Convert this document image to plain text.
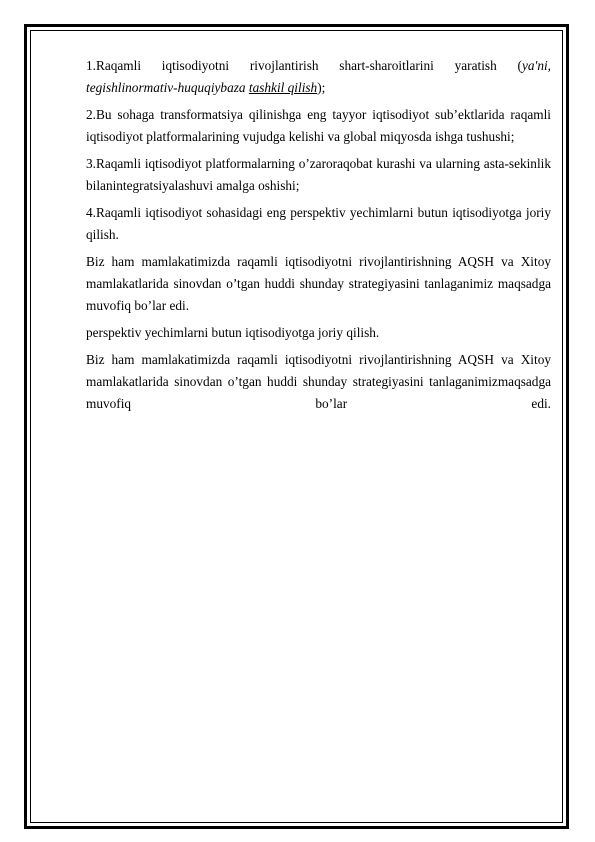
1.Raqamli iqtisodiyotni rivojlantirish shart-sharoitlarini yaratish (ya'ni, tegishlinormativ-huquqiybaza tashkil qilish);

2.Bu sohaga transformatsiya qilinishga eng tayyor iqtisodiyot sub’ektlarida raqamli iqtisodiyot platformalarining vujudga kelishi va global miqyosda ishga tushushi;

3.Raqamli iqtisodiyot platformalarning o’zaroraqobat kurashi va ularning asta-sekinlik bilanintegratsiyalashuvi amalga oshishi;

4.Raqamli iqtisodiyot sohasidagi eng perspektiv yechimlarni butun iqtisodiyotga joriy qilish.

Biz ham mamlakatimizda raqamli iqtisodiyotni rivojlantirishning AQSH va Xitoy mamlakatlarida sinovdan o’tgan huddi shunday strategiyasini tanlaganimiz maqsadga muvofiq bo’lar edi.

perspektiv yechimlarni butun iqtisodiyotga joriy qilish.

Biz ham mamlakatimizda raqamli iqtisodiyotni rivojlantirishning AQSH va Xitoy mamlakatlarida sinovdan o’tgan huddi shunday strategiyasini tanlaganimizmaqsadga muvofiq bo’lar edi.
